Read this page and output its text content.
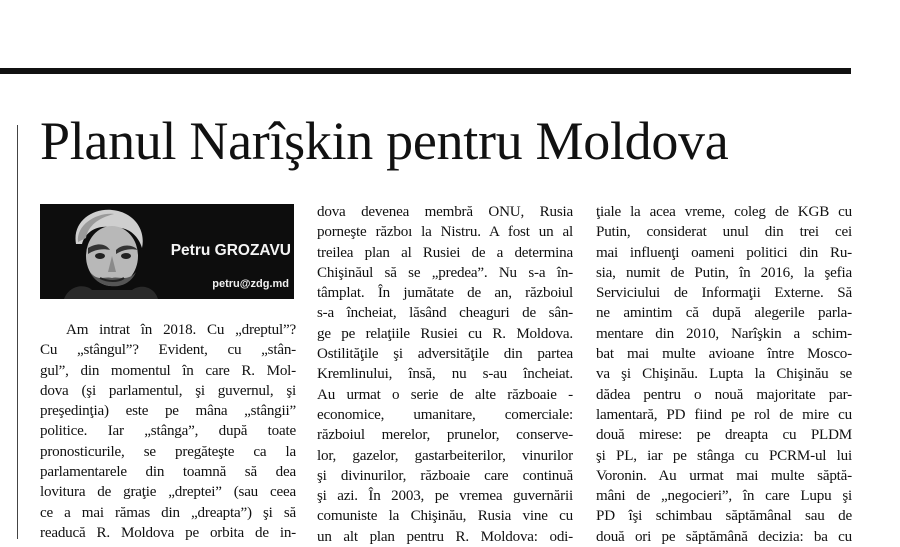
Planul Narîşkin pentru Moldova
Petru GROZAVU
petru@zdg.md

Am intrat în 2018. Cu „dreptul”?
Cu „stângul”? Evident, cu „stân-
gul”, din momentul în care R. Mol-
dova (şi parlamentul, şi guvernul, şi
preşedinţia) este pe mâna „stângii”
politice. Iar „stânga”, după toate
pronosticurile, se pregăteşte ca la
parlamentarele din toamnă să dea
lovitura de graţie „dreptei” (sau ceea
ce a mai rămas din „dreapta”) şi să
readucă R. Moldova pe orbita de in-

dova devenea membră ONU, Rusia
porneşte războı la Nistru. A fost un al
treilea plan al Rusiei de a determina
Chişinăul să se „predea”. Nu s-a în-
tâmplat. În jumătate de an, războiul
s-a încheiat, lăsând cheaguri de sân-
ge pe relaţiile Rusiei cu R. Moldova.
Ostilităţile şi adversităţile din partea
Kremlinului, însă, nu s-au încheiat.
Au urmat o serie de alte războaie -
economice, umanitare, comerciale:
războiul merelor, prunelor, conserve-
lor, gazelor, gastarbeiterilor, vinurilor
şi divinurilor, războaie care continuă
şi azi. În 2003, pe vremea guvernării
comuniste la Chişinău, Rusia vine cu
un alt plan pentru R. Moldova: odi-

ţiale la acea vreme, coleg de KGB cu
Putin, considerat unul din trei cei
mai influenţi oameni politici din Ru-
sia, numit de Putin, în 2016, la şefia
Serviciului de Informaţii Externe. Să
ne amintim că după alegerile parla-
mentare din 2010, Narîşkin a schim-
bat mai multe avioane între Mosco-
va şi Chişinău. Lupta la Chişinău se
dădea pentru o nouă majoritate par-
lamentară, PD fiind pe rol de mire cu
două mirese: pe dreapta cu PLDM
şi PL, iar pe stânga cu PCRM-ul lui
Voronin. Au urmat mai multe săptă-
mâni de „negocieri”, în care Lupu şi
PD îşi schimbau săptămânal sau de
două ori pe săptămână decizia: ba cu
